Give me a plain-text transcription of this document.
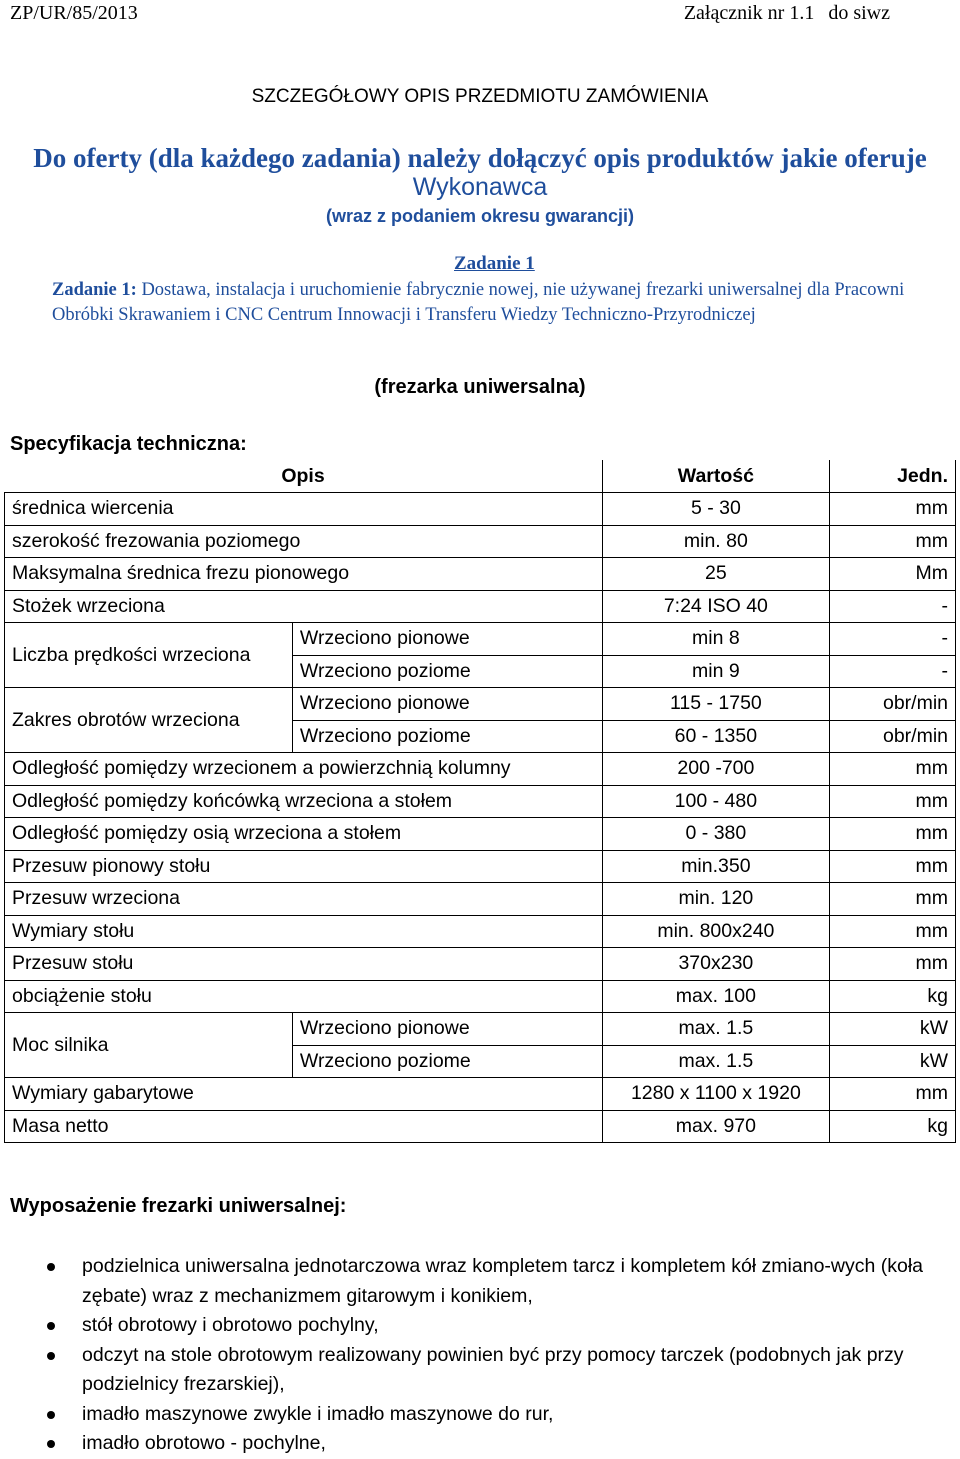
ZP/UR/85/2013	Załącznik nr 1.1 do siwz
SZCZEGÓŁOWY OPIS PRZEDMIOTU ZAMÓWIENIA
Do oferty (dla każdego zadania) należy dołączyć opis produktów jakie oferuje
Wykonawca
(wraz z podaniem okresu gwarancji)
Zadanie 1
Zadanie 1: Dostawa, instalacja i uruchomienie fabrycznie nowej, nie używanej frezarki uniwersalnej dla Pracowni Obróbki Skrawaniem i CNC Centrum Innowacji i Transferu Wiedzy Techniczno-Przyrodniczej
(frezarka uniwersalna)
Specyfikacja techniczna:
Opis		Wartość	Jedn.
średnica wiercenia		5 - 30	mm
szerokość frezowania poziomego		min. 80	mm
Maksymalna średnica frezu pionowego		25	Mm
Stożek wrzeciona		7:24 ISO 40	-
Liczba prędkości wrzeciona	Wrzeciono pionowe	min 8	-
	Wrzeciono poziome	min 9	-
Zakres obrotów wrzeciona	Wrzeciono pionowe	115 - 1750	obr/min
	Wrzeciono poziome	60 - 1350	obr/min
Odległość pomiędzy wrzecionem a powierzchnią kolumny		200 -700	mm
Odległość pomiędzy końcówką wrzeciona a stołem		100 - 480	mm
Odległość pomiędzy osią wrzeciona a stołem		0 - 380	mm
Przesuw pionowy stołu		min.350	mm
Przesuw wrzeciona		min. 120	mm
Wymiary stołu		min. 800x240	mm
Przesuw stołu		370x230	mm
obciążenie stołu		max. 100	kg
Moc silnika	Wrzeciono pionowe	max. 1.5	kW
	Wrzeciono poziome	max. 1.5	kW
Wymiary gabarytowe		1280 x 1100 x 1920	mm
Masa netto		max. 970	kg
Wyposażenie frezarki uniwersalnej:
podzielnica uniwersalna jednotarczowa wraz kompletem tarcz i kompletem kół zmiano-wych (koła zębate) wraz z mechanizmem gitarowym i konikiem,
stół obrotowy i obrotowo pochylny,
odczyt na stole obrotowym realizowany powinien być przy pomocy tarczek (podobnych jak przy podzielnicy frezarskiej),
imadło maszynowe zwykle i imadło maszynowe do rur,
imadło obrotowo - pochylne,
